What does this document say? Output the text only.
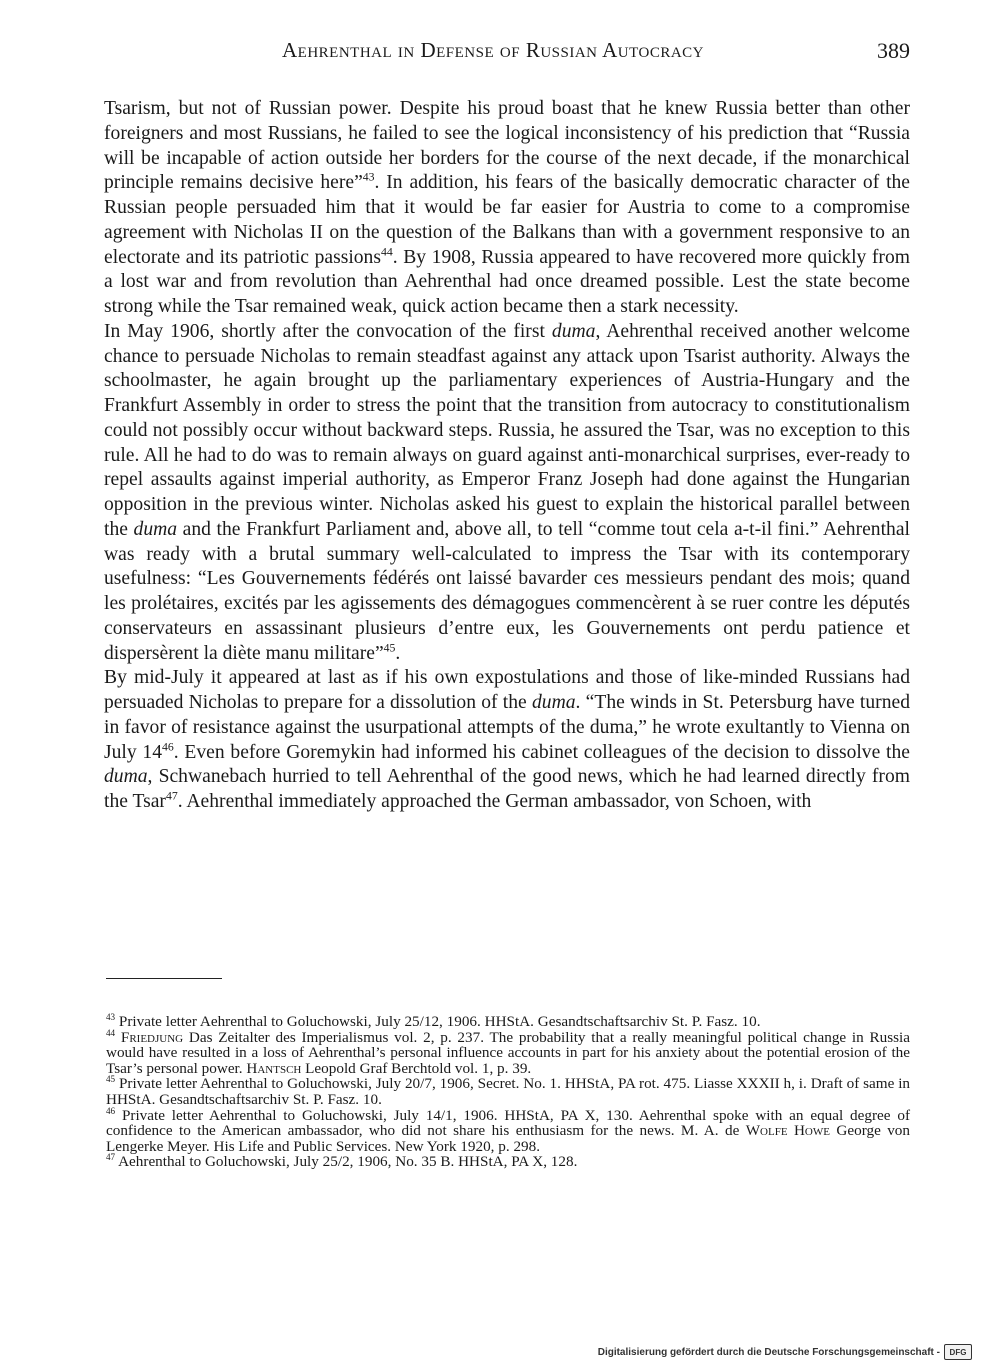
Aehrenthal in Defense of Russian Autocracy	389

Tsarism, but not of Russian power. Despite his proud boast that he knew Russia better than other foreigners and most Russians, he failed to see the logical inconsistency of his prediction that “Russia will be incapable of action outside her borders for the course of the next decade, if the monarchical principle remains decisive here”$^{43}$. In addition, his fears of the basically democratic character of the Russian people persuaded him that it would be far easier for Austria to come to a compromise agreement with Nicholas II on the question of the Balkans than with a government responsive to an electorate and its patriotic passions$^{44}$. By 1908, Russia appeared to have recovered more quickly from a lost war and from revolution than Aehrenthal had once dreamed possible. Lest the state become strong while the Tsar remained weak, quick action became then a stark necessity.

In May 1906, shortly after the convocation of the first duma, Aehrenthal received another welcome chance to persuade Nicholas to remain steadfast against any attack upon Tsarist authority. Always the schoolmaster, he again brought up the parliamentary experiences of Austria-Hungary and the Frankfurt Assembly in order to stress the point that the transition from autocracy to constitutionalism could not possibly occur without backward steps. Russia, he assured the Tsar, was no exception to this rule. All he had to do was to remain always on guard against anti-monarchical surprises, ever-ready to repel assaults against imperial authority, as Emperor Franz Joseph had done against the Hungarian opposition in the previous winter. Nicholas asked his guest to explain the historical parallel between the duma and the Frankfurt Parliament and, above all, to tell “comme tout cela a-t-il fini.” Aehrenthal was ready with a brutal summary well-calculated to impress the Tsar with its contemporary usefulness: “Les Gouvernements fédérés ont laissé bavarder ces messieurs pendant des mois; quand les prolétaires, excités par les agissements des démagogues commencèrent à se ruer contre les députés conservateurs en assassinant plusieurs d’entre eux, les Gouvernements ont perdu patience et dispersèrent la diète manu militare”$^{45}$.

By mid-July it appeared at last as if his own expostulations and those of like-minded Russians had persuaded Nicholas to prepare for a dissolution of the duma. “The winds in St. Petersburg have turned in favor of resistance against the usurpational attempts of the duma,” he wrote exultantly to Vienna on July $14^{46}$. Even before Goremykin had informed his cabinet colleagues of the decision to dissolve the duma, Schwanebach hurried to tell Aehrenthal of the good news, which he had learned directly from the Tsar$^{47}$. Aehrenthal immediately approached the German ambassador, von Schoen, with

$^{43}$ Private letter Aehrenthal to Goluchowski, July 25/12, 1906. HHStA. Gesandtschaftsarchiv St. P. Fasz. 10.

$^{44}$ Friedjung Das Zeitalter des Imperialismus vol. 2, p. 237. The probability that a really meaningful political change in Russia would have resulted in a loss of Aehrenthal’s personal influence accounts in part for his anxiety about the potential erosion of the Tsar’s personal power. Hantsch Leopold Graf Berchtold vol. 1, p. 39.

$^{45}$ Private letter Aehrenthal to Goluchowski, July 20/7, 1906, Secret. No. 1. HHStA, PA rot. 475. Liasse XXXII h, i. Draft of same in HHStA. Gesandtschaftsarchiv St. P. Fasz. 10.

$^{46}$ Private letter Aehrenthal to Goluchowski, July 14/1, 1906. HHStA, PA X, 130. Aehrenthal spoke with an equal degree of confidence to the American ambassador, who did not share his enthusiasm for the news. M. A. de Wolfe Howe George von Lengerke Meyer. His Life and Public Services. New York 1920, p. 298.

$^{47}$ Aehrenthal to Goluchowski, July 25/2, 1906, No. 35 B. HHStA, PA X, 128.

Digitalisierung gefördert durch die Deutsche Forschungsgemeinschaft -	DFG
